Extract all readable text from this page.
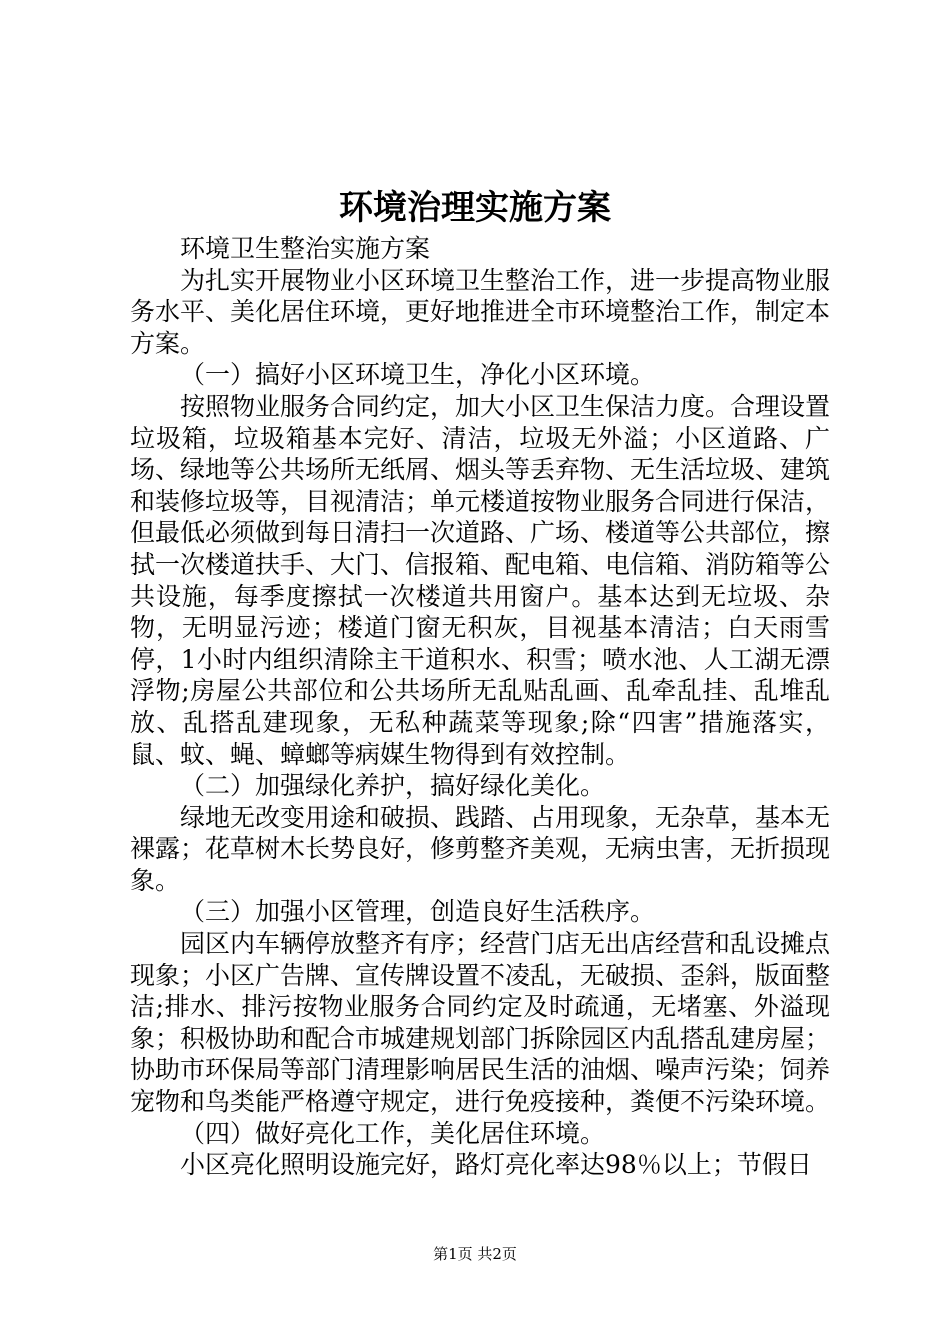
环境治理实施方案

环境卫生整治实施方案

为扎实开展物业小区环境卫生整治工作，进一步提高物业服务水平、美化居住环境，更好地推进全市环境整治工作，制定本方案。

（一）搞好小区环境卫生，净化小区环境。

按照物业服务合同约定，加大小区卫生保洁力度。合理设置垃圾箱，垃圾箱基本完好、清洁，垃圾无外溢；小区道路、广场、绿地等公共场所无纸屑、烟头等丢弃物、无生活垃圾、建筑和装修垃圾等，目视清洁；单元楼道按物业服务合同进行保洁，但最低必须做到每日清扫一次道路、广场、楼道等公共部位，擦拭一次楼道扶手、大门、信报箱、配电箱、电信箱、消防箱等公共设施，每季度擦拭一次楼道共用窗户。基本达到无垃圾、杂物，无明显污迹；楼道门窗无积灰，目视基本清洁；白天雨雪停，1小时内组织清除主干道积水、积雪；喷水池、人工湖无漂浮物;房屋公共部位和公共场所无乱贴乱画、乱牵乱挂、乱堆乱放、乱搭乱建现象，无私种蔬菜等现象;除“四害”措施落实，鼠、蚊、蝇、蟑螂等病媒生物得到有效控制。

（二）加强绿化养护，搞好绿化美化。

绿地无改变用途和破损、践踏、占用现象，无杂草，基本无裸露；花草树木长势良好，修剪整齐美观，无病虫害，无折损现象。

（三）加强小区管理，创造良好生活秩序。

园区内车辆停放整齐有序；经营门店无出店经营和乱设摊点现象；小区广告牌、宣传牌设置不凌乱，无破损、歪斜，版面整洁;排水、排污按物业服务合同约定及时疏通，无堵塞、外溢现象；积极协助和配合市城建规划部门拆除园区内乱搭乱建房屋；协助市环保局等部门清理影响居民生活的油烟、噪声污染；饲养宠物和鸟类能严格遵守规定，进行免疫接种，粪便不污染环境。

（四）做好亮化工作，美化居住环境。

小区亮化照明设施完好，路灯亮化率达98％以上；节假日

第1页 共2页
